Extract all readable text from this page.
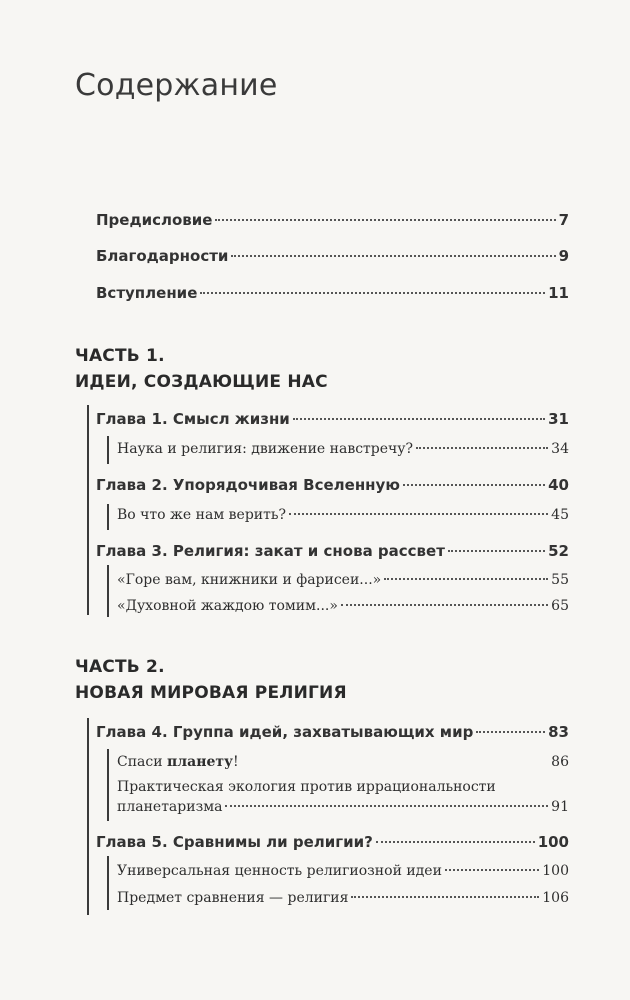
Содержание
Предисловие	7
Благодарности	9
Вступление	11
ЧАСТЬ 1.
ИДЕИ, СОЗДАЮЩИЕ НАС
Глава 1. Смысл жизни	31
Наука и религия: движение навстречу?	34
Глава 2. Упорядочивая Вселенную	40
Во что же нам верить?	45
Глава 3. Религия: закат и снова рассвет	52
«Горе вам, книжники и фарисеи...»	55
«Духовной жаждою томим...»	65
ЧАСТЬ 2.
НОВАЯ МИРОВАЯ РЕЛИГИЯ
Глава 4. Группа идей, захватывающих мир	83
Спаси планету!	86
Практическая экология против иррациональности
планетаризма	91
Глава 5. Сравнимы ли религии?	100
Универсальная ценность религиозной идеи	100
Предмет сравнения — религия	106
